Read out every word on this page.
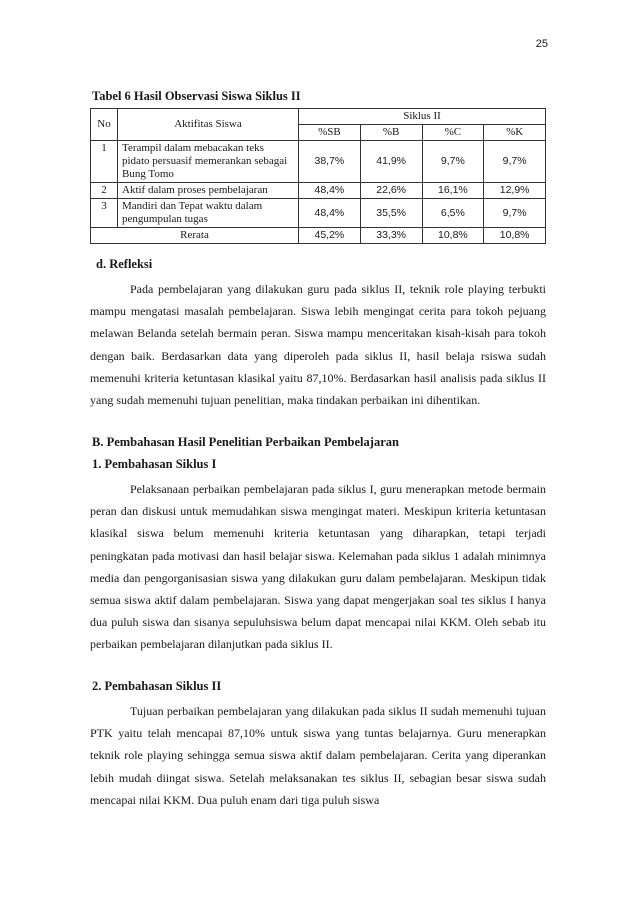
25
Tabel 6 Hasil Observasi Siswa Siklus II
No	Aktifitas Siswa	Siklus II			
		%SB	%B	%C	%K
1	Terampil dalam mebacakan teks pidato persuasif memerankan sebagai Bung Tomo	38,7%	41,9%	9,7%	9,7%
2	Aktif dalam proses pembelajaran	48,4%	22,6%	16,1%	12,9%
3	Mandiri dan Tepat waktu dalam pengumpulan tugas	48,4%	35,5%	6,5%	9,7%
Rerata		45,2%	33,3%	10,8%	10,8%
d. Refleksi

Pada pembelajaran yang dilakukan guru pada siklus II, teknik role playing terbukti mampu mengatasi masalah pembelajaran. Siswa lebih mengingat cerita para tokoh pejuang melawan Belanda setelah bermain peran. Siswa mampu menceritakan kisah-kisah para tokoh dengan baik. Berdasarkan data yang diperoleh pada siklus II, hasil belaja rsiswa sudah memenuhi kriteria ketuntasan klasikal yaitu 87,10%. Berdasarkan hasil analisis pada siklus II yang sudah memenuhi tujuan penelitian, maka tindakan perbaikan ini dihentikan.

B. Pembahasan Hasil Penelitian Perbaikan Pembelajaran
1. Pembahasan Siklus I

Pelaksanaan perbaikan pembelajaran pada siklus I, guru menerapkan metode bermain peran dan diskusi untuk memudahkan siswa mengingat materi. Meskipun kriteria ketuntasan klasikal siswa belum memenuhi kriteria ketuntasan yang diharapkan, tetapi terjadi peningkatan pada motivasi dan hasil belajar siswa. Kelemahan pada siklus 1 adalah minimnya media dan pengorganisasian siswa yang dilakukan guru dalam pembelajaran. Meskipun tidak semua siswa aktif dalam pembelajaran. Siswa yang dapat mengerjakan soal tes siklus I hanya dua puluh siswa dan sisanya sepuluhsiswa belum dapat mencapai nilai KKM. Oleh sebab itu perbaikan pembelajaran dilanjutkan pada siklus II.

2. Pembahasan Siklus II

Tujuan perbaikan pembelajaran yang dilakukan pada siklus II sudah memenuhi tujuan PTK yaitu telah mencapai 87,10% untuk siswa yang tuntas belajarnya. Guru menerapkan teknik role playing sehingga semua siswa aktif dalam pembelajaran. Cerita yang diperankan lebih mudah diingat siswa. Setelah melaksanakan tes siklus II, sebagian besar siswa sudah mencapai nilai KKM. Dua puluh enam dari tiga puluh siswa
